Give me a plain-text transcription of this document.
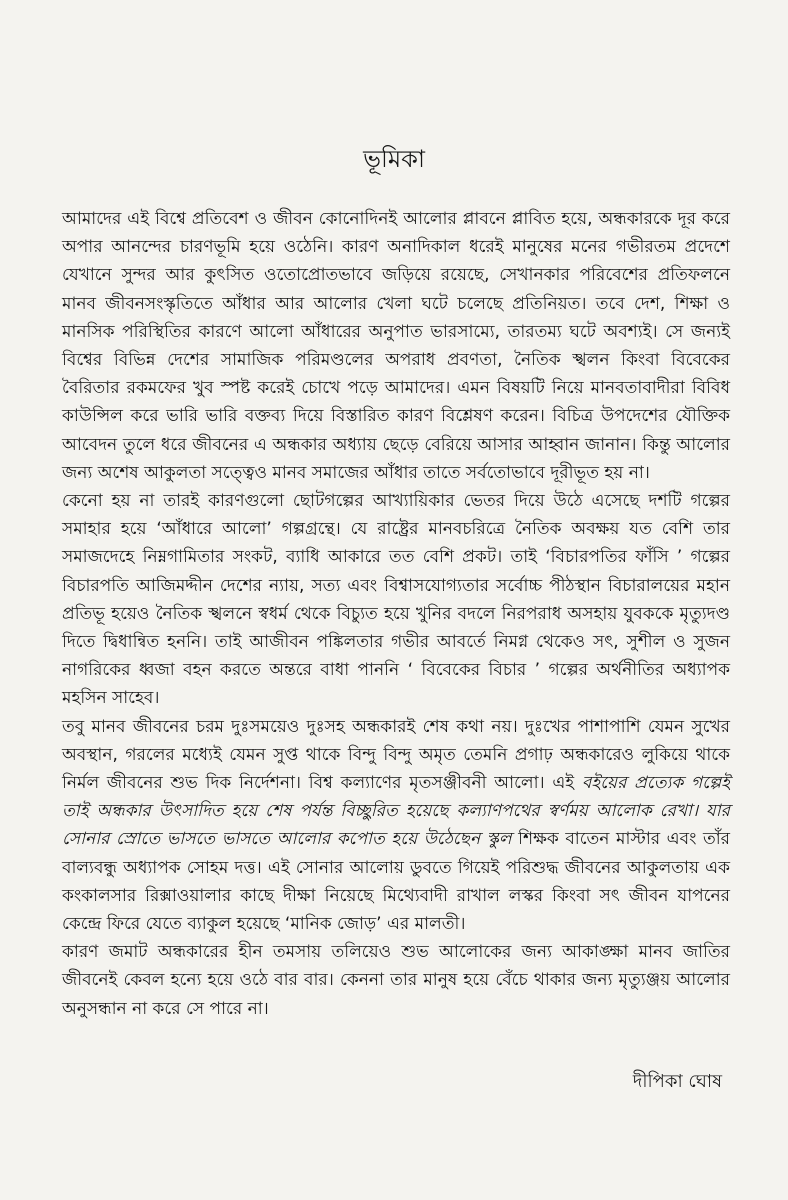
ভূমিকা

আমাদের এই বিশ্বে প্রতিবেশ ও জীবন কোনোদিনই আলোর প্লাবনে প্লাবিত হয়ে, অন্ধকারকে দূর করে অপার আনন্দের চারণভূমি হয়ে ওঠেনি। কারণ অনাদিকাল ধরেই মানুষের মনের গভীরতম প্রদেশে যেখানে সুন্দর আর কুৎসিত ওতোপ্রোতভাবে জড়িয়ে রয়েছে, সেখানকার পরিবেশের প্রতিফলনে মানব জীবনসংস্কৃতিতে আঁধার আর আলোর খেলা ঘটে চলেছে প্রতিনিয়ত। তবে দেশ, শিক্ষা ও মানসিক পরিস্থিতির কারণে আলো আঁধারের অনুপাত ভারসাম্যে, তারতম্য ঘটে অবশ্যই। সে জন্যই বিশ্বের বিভিন্ন দেশের সামাজিক পরিমণ্ডলের অপরাধ প্রবণতা, নৈতিক স্খলন কিংবা বিবেকের বৈরিতার রকমফের খুব স্পষ্ট করেই চোখে পড়ে আমাদের। এমন বিষয়টি নিয়ে মানবতাবাদীরা বিবিধ কাউন্সিল করে ভারি ভারি বক্তব্য দিয়ে বিস্তারিত কারণ বিশ্লেষণ করেন। বিচিত্র উপদেশের যৌক্তিক আবেদন তুলে ধরে জীবনের এ অন্ধকার অধ্যায় ছেড়ে বেরিয়ে আসার আহ্বান জানান। কিন্তু আলোর জন্য অশেষ আকুলতা সত্ত্বেও মানব সমাজের আঁধার তাতে সর্বতোভাবে দূরীভূত হয় না।

কেনো হয় না তারই কারণগুলো ছোটগল্পের আখ্যায়িকার ভেতর দিয়ে উঠে এসেছে দশটি গল্পের সমাহার হয়ে ‘আঁধারে আলো’ গল্পগ্রন্থে। যে রাষ্ট্রের মানবচরিত্রে নৈতিক অবক্ষয় যত বেশি তার সমাজদেহে নিম্নগামিতার সংকট, ব্যাধি আকারে তত বেশি প্রকট। তাই ‘বিচারপতির ফাঁসি ’ গল্পের বিচারপতি আজিমদ্দীন দেশের ন্যায়, সত্য এবং বিশ্বাসযোগ্যতার সর্বোচ্চ পীঠস্থান বিচারালয়ের মহান প্রতিভূ হয়েও নৈতিক স্খলনে স্বধর্ম থেকে বিচ্যুত হয়ে খুনির বদলে নিরপরাধ অসহায় যুবককে মৃত্যুদণ্ড দিতে দ্বিধান্বিত হননি। তাই আজীবন পঙ্কিলতার গভীর আবর্তে নিমগ্ন থেকেও সৎ, সুশীল ও সুজন নাগরিকের ধ্বজা বহন করতে অন্তরে বাধা পাননি ‘ বিবেকের বিচার ’ গল্পের অর্থনীতির অধ্যাপক মহসিন সাহেব।

তবু মানব জীবনের চরম দুঃসময়েও দুঃসহ অন্ধকারই শেষ কথা নয়। দুঃখের পাশাপাশি যেমন সুখের অবস্থান, গরলের মধ্যেই যেমন সুপ্ত থাকে বিন্দু বিন্দু অমৃত তেমনি প্রগাঢ় অন্ধকারেও লুকিয়ে থাকে নির্মল জীবনের শুভ দিক নির্দেশনা। বিশ্ব কল্যাণের মৃতসঞ্জীবনী আলো। এই বইয়ের প্রত্যেক গল্পেই তাই অন্ধকার উৎসাদিত হয়ে শেষ পর্যন্ত বিচ্ছুরিত হয়েছে কল্যাণপথের স্বর্ণময় আলোক রেখা। যার সোনার স্রোতে ভাসতে ভাসতে আলোর কপোত হয়ে উঠেছেন স্কুল শিক্ষক বাতেন মাস্টার এবং তাঁর বাল্যবন্ধু অধ্যাপক সোহম দত্ত। এই সোনার আলোয় ডুবতে গিয়েই পরিশুদ্ধ জীবনের আকুলতায় এক কংকালসার রিক্সাওয়ালার কাছে দীক্ষা নিয়েছে মিথ্যেবাদী রাখাল লস্কর কিংবা সৎ জীবন যাপনের কেন্দ্রে ফিরে যেতে ব্যাকুল হয়েছে ‘মানিক জোড়’ এর মালতী।

কারণ জমাট অন্ধকারের হীন তমসায় তলিয়েও শুভ আলোকের জন্য আকাঙ্ক্ষা মানব জাতির জীবনেই কেবল হন্যে হয়ে ওঠে বার বার। কেননা তার মানুষ হয়ে বেঁচে থাকার জন্য মৃত্যুঞ্জয় আলোর অনুসন্ধান না করে সে পারে না।

দীপিকা ঘোষ
